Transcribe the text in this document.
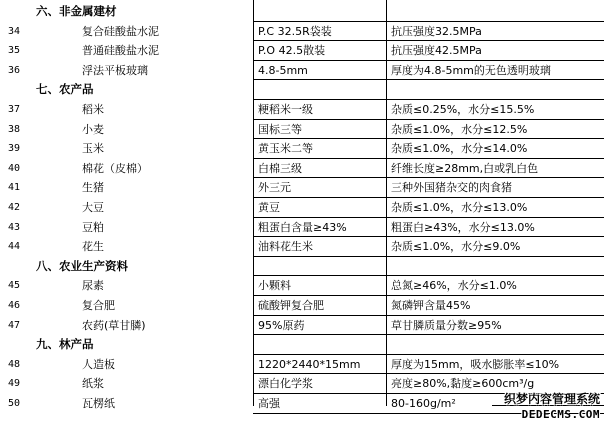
六、非金属建材
34	复合硅酸盐水泥	P.C 32.5R袋装	抗压强度32.5MPa
35	普通硅酸盐水泥	P.O 42.5散装	抗压强度42.5MPa
36	浮法平板玻璃	4.8-5mm	厚度为4.8-5mm的无色透明玻璃
七、农产品
37	稻米	粳稻米一级	杂质≤0.25%，水分≤15.5%
38	小麦	国标三等	杂质≤1.0%，水分≤12.5%
39	玉米	黄玉米二等	杂质≤1.0%，水分≤14.0%
40	棉花（皮棉）	白棉三级	纤维长度≥28mm,白或乳白色
41	生猪	外三元	三种外国猪杂交的肉食猪
42	大豆	黄豆	杂质≤1.0%，水分≤13.0%
43	豆粕	粗蛋白含量≥43%	粗蛋白≥43%，水分≤13.0%
44	花生	油料花生米	杂质≤1.0%，水分≤9.0%
八、农业生产资料
45	尿素	小颗料	总氮≥46%，水分≤1.0%
46	复合肥	硫酸钾复合肥	氮磷钾含量45%
47	农药(草甘膦)	95%原药	草甘膦质量分数≥95%
九、林产品
48	人造板	1220*2440*15mm	厚度为15mm，吸水膨胀率≤10%
49	纸浆	漂白化学浆	亮度≥80%,黏度≥600cm³/g
50	瓦楞纸	高强	80-160g/m²	织梦内容管理系统
DEDECMS.COM
